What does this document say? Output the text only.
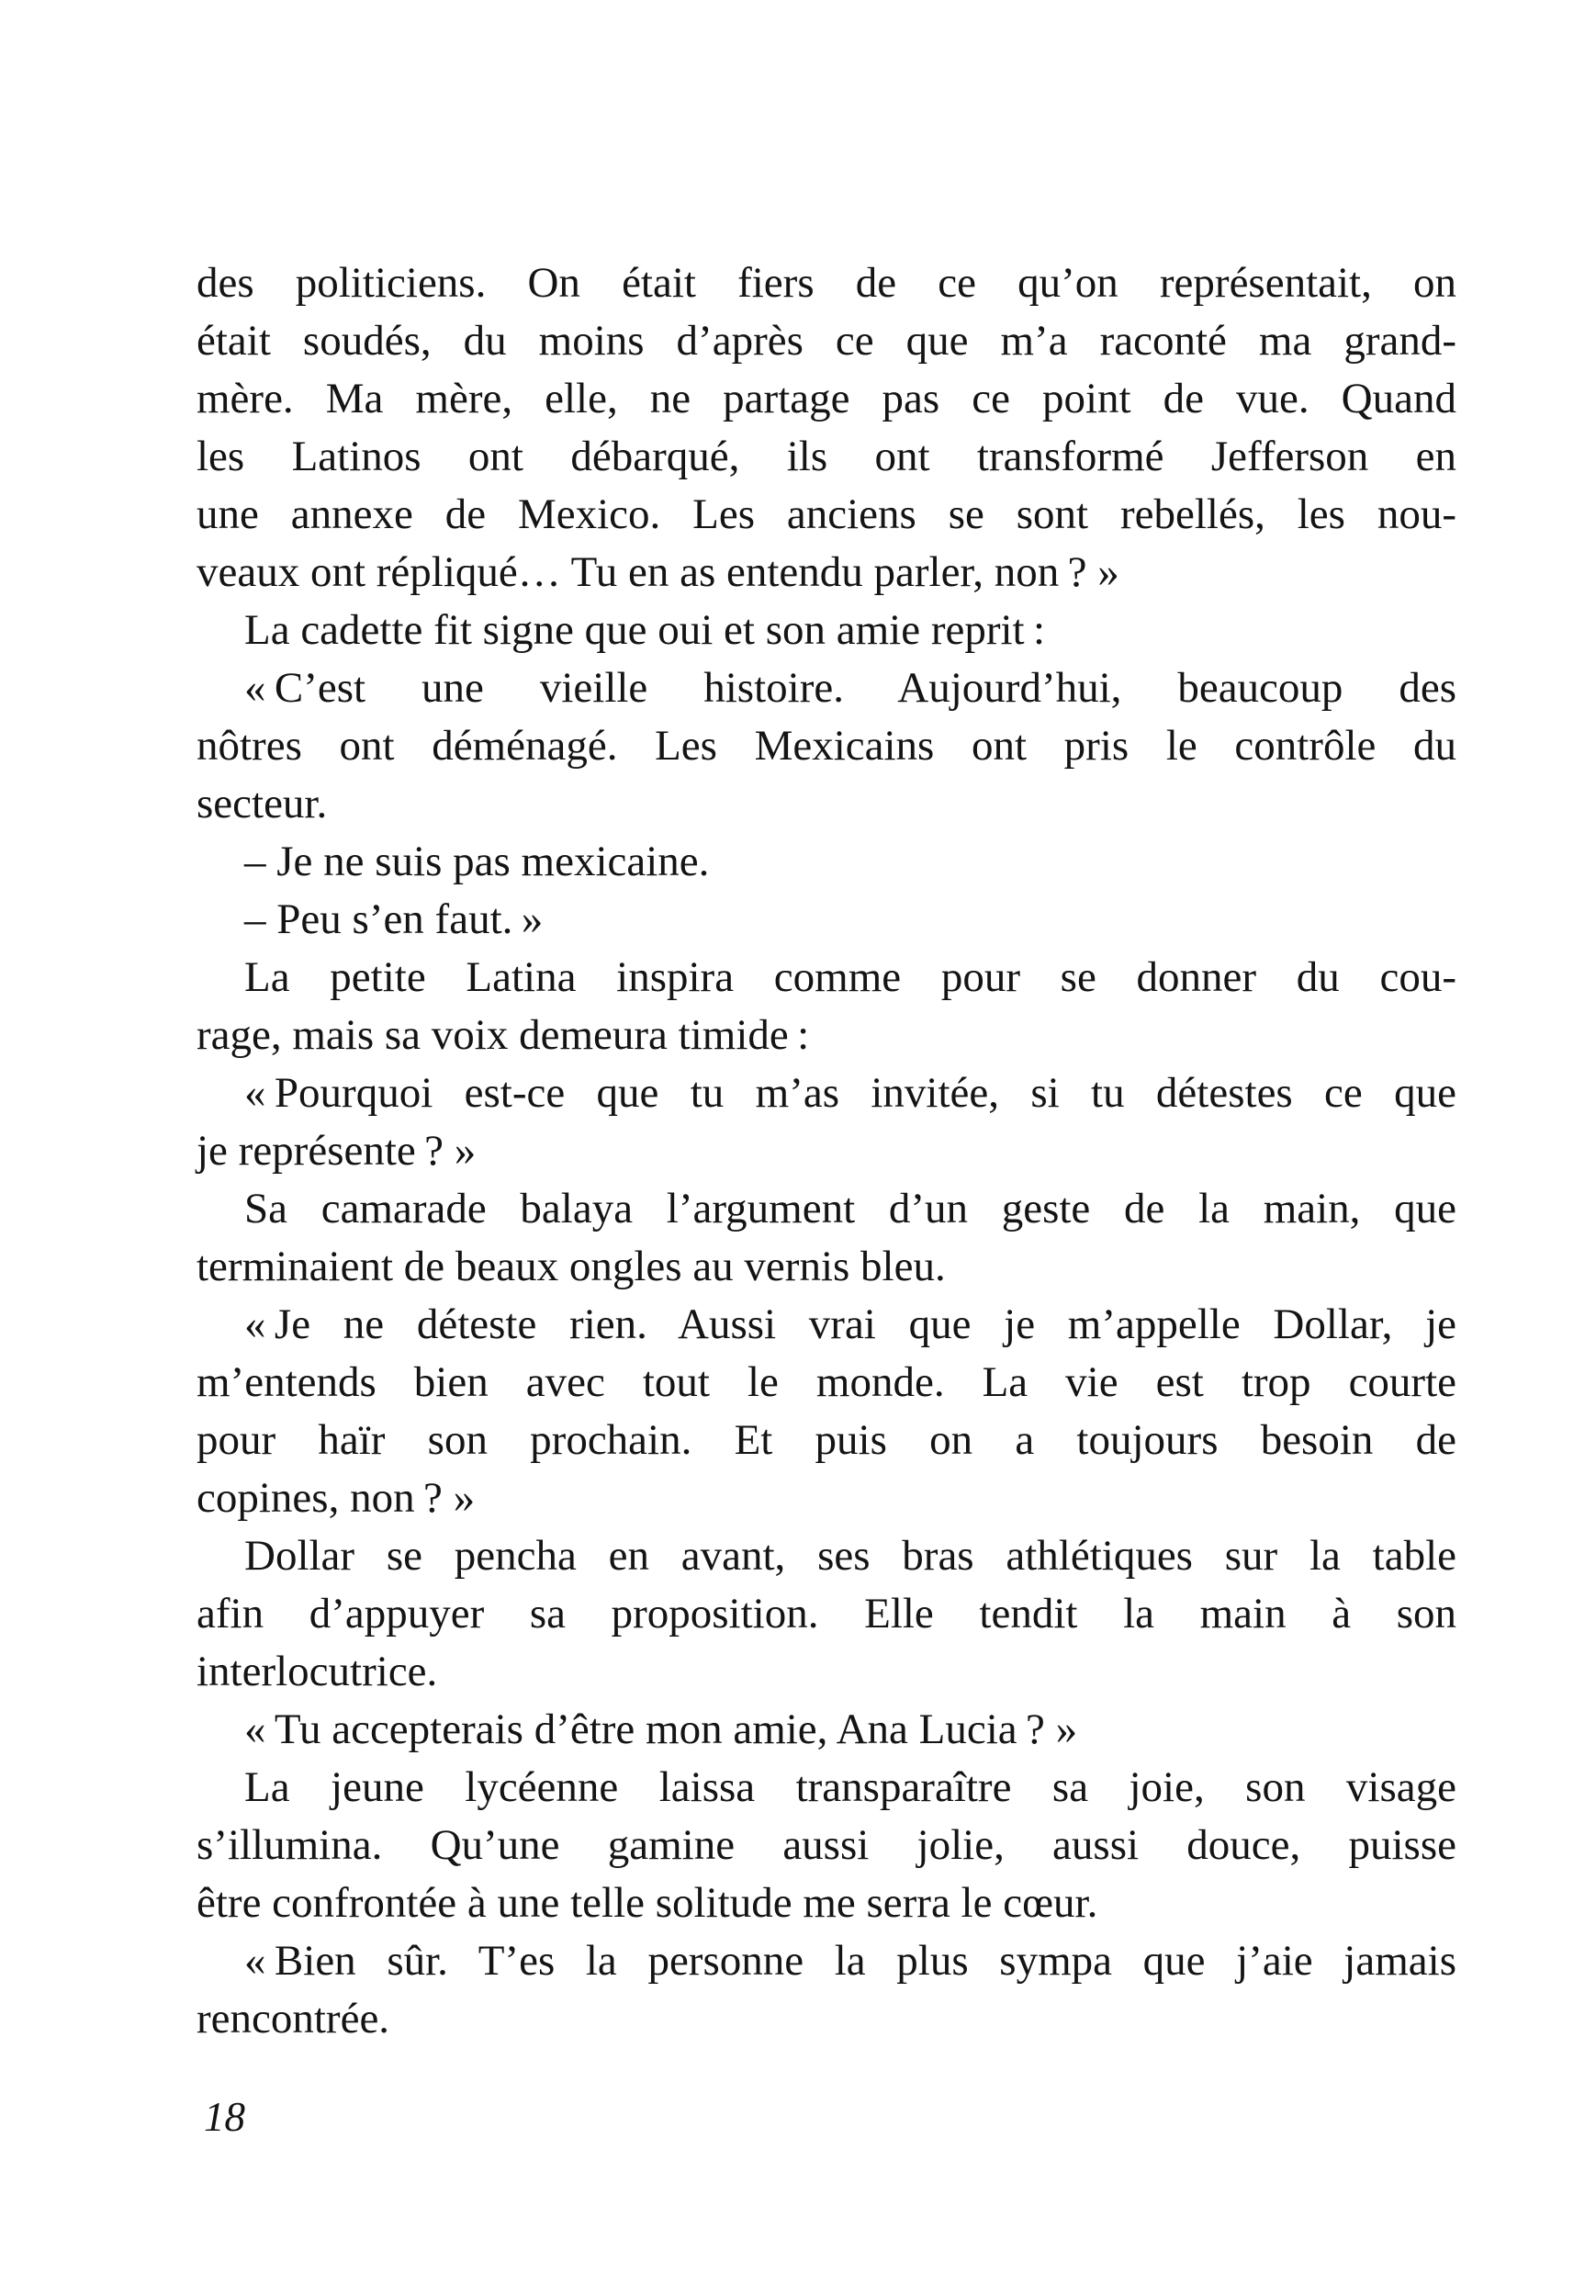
des politiciens. On était fiers de ce qu’on représentait, on
était soudés, du moins d’après ce que m’a raconté ma grand-
mère. Ma mère, elle, ne partage pas ce point de vue. Quand
les Latinos ont débarqué, ils ont transformé Jefferson en
une annexe de Mexico. Les anciens se sont rebellés, les nou-
veaux ont répliqué… Tu en as entendu parler, non ? »
La cadette fit signe que oui et son amie reprit :
« C’est une vieille histoire. Aujourd’hui, beaucoup des
nôtres ont déménagé. Les Mexicains ont pris le contrôle du
secteur.
– Je ne suis pas mexicaine.
– Peu s’en faut. »
La petite Latina inspira comme pour se donner du cou-
rage, mais sa voix demeura timide :
« Pourquoi est-ce que tu m’as invitée, si tu détestes ce que
je représente ? »
Sa camarade balaya l’argument d’un geste de la main, que
terminaient de beaux ongles au vernis bleu.
« Je ne déteste rien. Aussi vrai que je m’appelle Dollar, je
m’entends bien avec tout le monde. La vie est trop courte
pour haïr son prochain. Et puis on a toujours besoin de
copines, non ? »
Dollar se pencha en avant, ses bras athlétiques sur la table
afin d’appuyer sa proposition. Elle tendit la main à son
interlocutrice.
« Tu accepterais d’être mon amie, Ana Lucia ? »
La jeune lycéenne laissa transparaître sa joie, son visage
s’illumina. Qu’une gamine aussi jolie, aussi douce, puisse
être confrontée à une telle solitude me serra le cœur.
« Bien sûr. T’es la personne la plus sympa que j’aie jamais
rencontrée.
18
